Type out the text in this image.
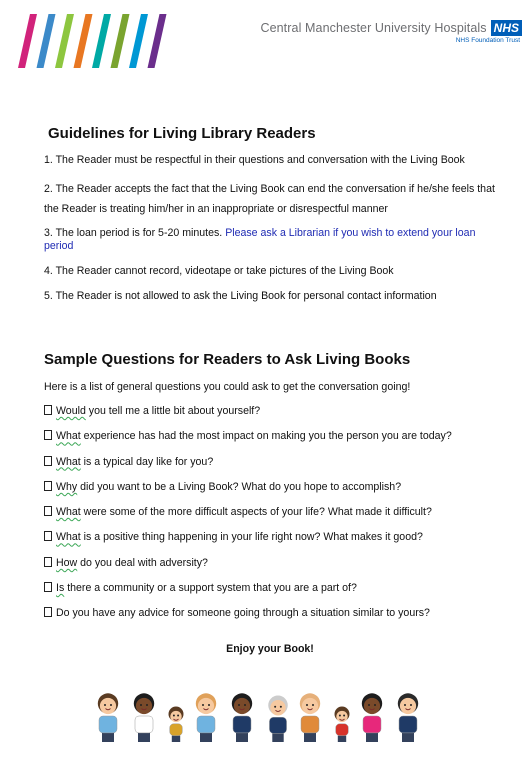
Central Manchester University Hospitals NHS
NHS Foundation Trust
Guidelines for Living Library Readers
1. The Reader must be respectful in their questions and conversation with the Living Book
2. The Reader accepts the fact that the Living Book can end the conversation if he/she feels that the Reader is treating him/her in an inappropriate or disrespectful manner
3. The loan period is for 5-20 minutes. Please ask a Librarian if you wish to extend your loan period
4. The Reader cannot record, videotape or take pictures of the Living Book
5. The Reader is not allowed to ask the Living Book for personal contact information
Sample Questions for Readers to Ask Living Books

Here is a list of general questions you could ask to get the conversation going!

Would you tell me a little bit about yourself?
What experience has had the most impact on making you the person you are today?
What is a typical day like for you?
Why did you want to be a Living Book? What do you hope to accomplish?
What were some of the more difficult aspects of your life? What made it difficult?
What is a positive thing happening in your life right now? What makes it good?
How do you deal with adversity?
Is there a community or a support system that you are a part of?
Do you have any advice for someone going through a situation similar to yours?

Enjoy your Book!
